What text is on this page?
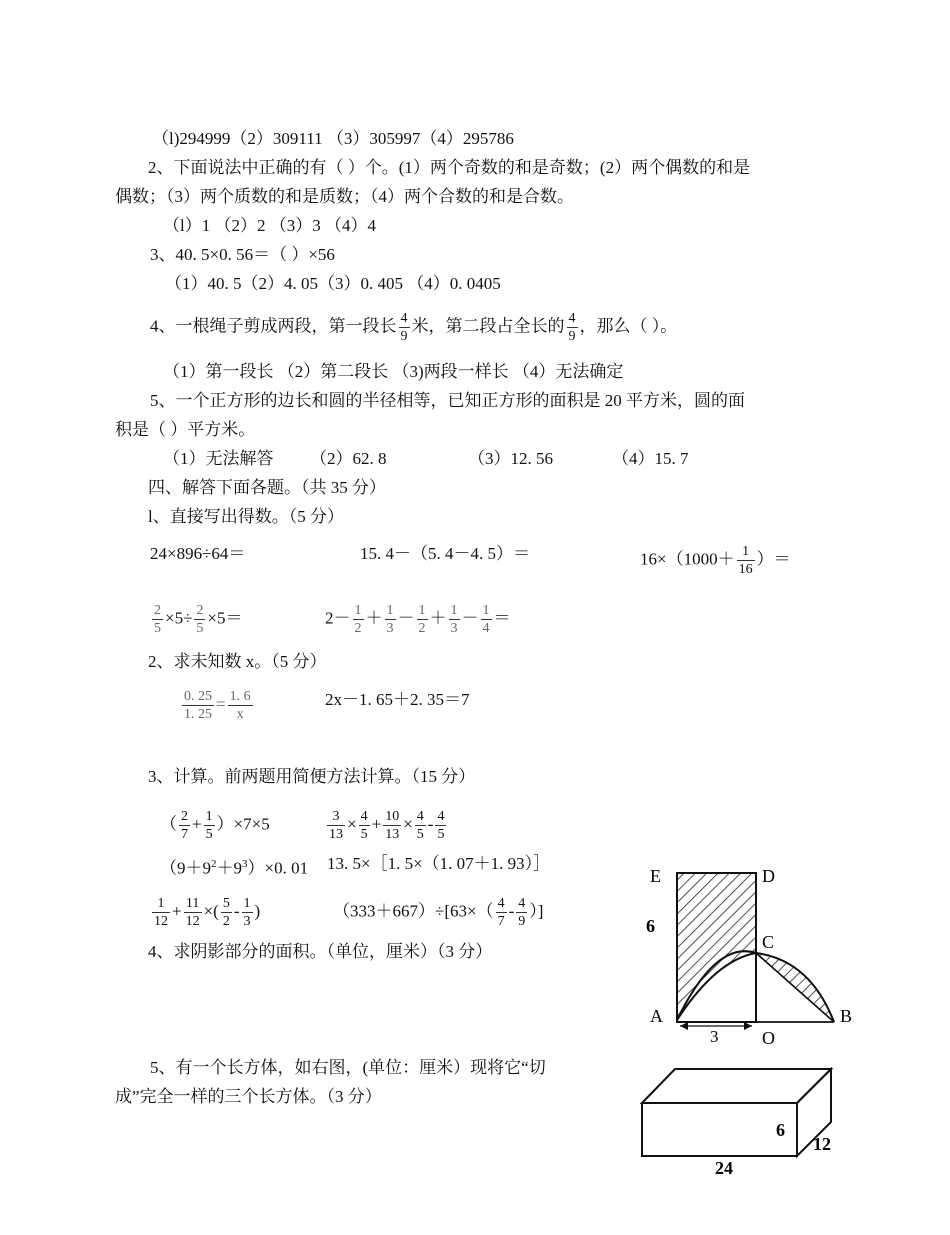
（l)294999（2）309111 （3）305997（4）295786
2、下面说法中正确的有（ ）个。(1）两个奇数的和是奇数；(2）两个偶数的和是
偶数；（3）两个质数的和是质数；（4）两个合数的和是合数。
（l）1 （2）2 （3）3 （4）4
3、40. 5×0. 56＝（ ）×56
（1）40. 5（2）4. 05（3）0. 405 （4）0. 0405
4、一根绳子剪成两段，第一段长 $\frac{4}{9}$ 米，第二段占全长的 $\frac{4}{9}$ ，那么（ ）。
（1）第一段长 （2）第二段长 （3)两段一样长 （4）无法确定
5、一个正方形的边长和圆的半径相等，已知正方形的面积是 20 平方米，圆的面
积是（ ）平方米。
（1）无法解答 （2）62. 8	（3）12. 56	（4）15. 7
四、解答下面各题。（共 35 分）
l、直接写出得数。（5 分）
24×896÷64＝	15. 4－（5. 4－4. 5）＝	$16\times(1000+ \frac{1}{16}$ ）＝
$\frac{2}{5} \times 5\div \frac{2}{5} \times 5=$	$2- \frac{1}{2} + \frac{1}{3} - \frac{1}{2} + \frac{1}{3} - \frac{1}{4}$ ＝
2、求未知数 x。（5 分）
$\frac{0. 25}{1. 25} = \frac{1. 6}{x}$	2x－1. 65＋2. 35＝7
3、计算。前两题用简便方法计算。（15 分）
（ $\frac{2}{7} + \frac{1}{5} )\times 7\times 5$	$\frac{3}{13} \times \frac{4}{5} + \frac{10}{13} \times \frac{4}{5} - \frac{4}{5}$
$(9+9^2+9^3)\times 0$. 01 13. 5×［1. 5×（1. 07＋1. 93）］
$\frac{1}{12} + \frac{11}{12}$ ×( $\frac{5}{2} - \frac{1}{3}$ )	$(333+667)\div[63\times( \frac{4}{7} - \frac{4}{9}$ ）]
4、求阴影部分的面积。（单位，厘米）（3 分）
5、有一个长方体，如右图，(单位：厘米）现将它“切
成”完全一样的三个长方体。（3 分）
E	D
6
C
A	B
3 O
6
12
24
